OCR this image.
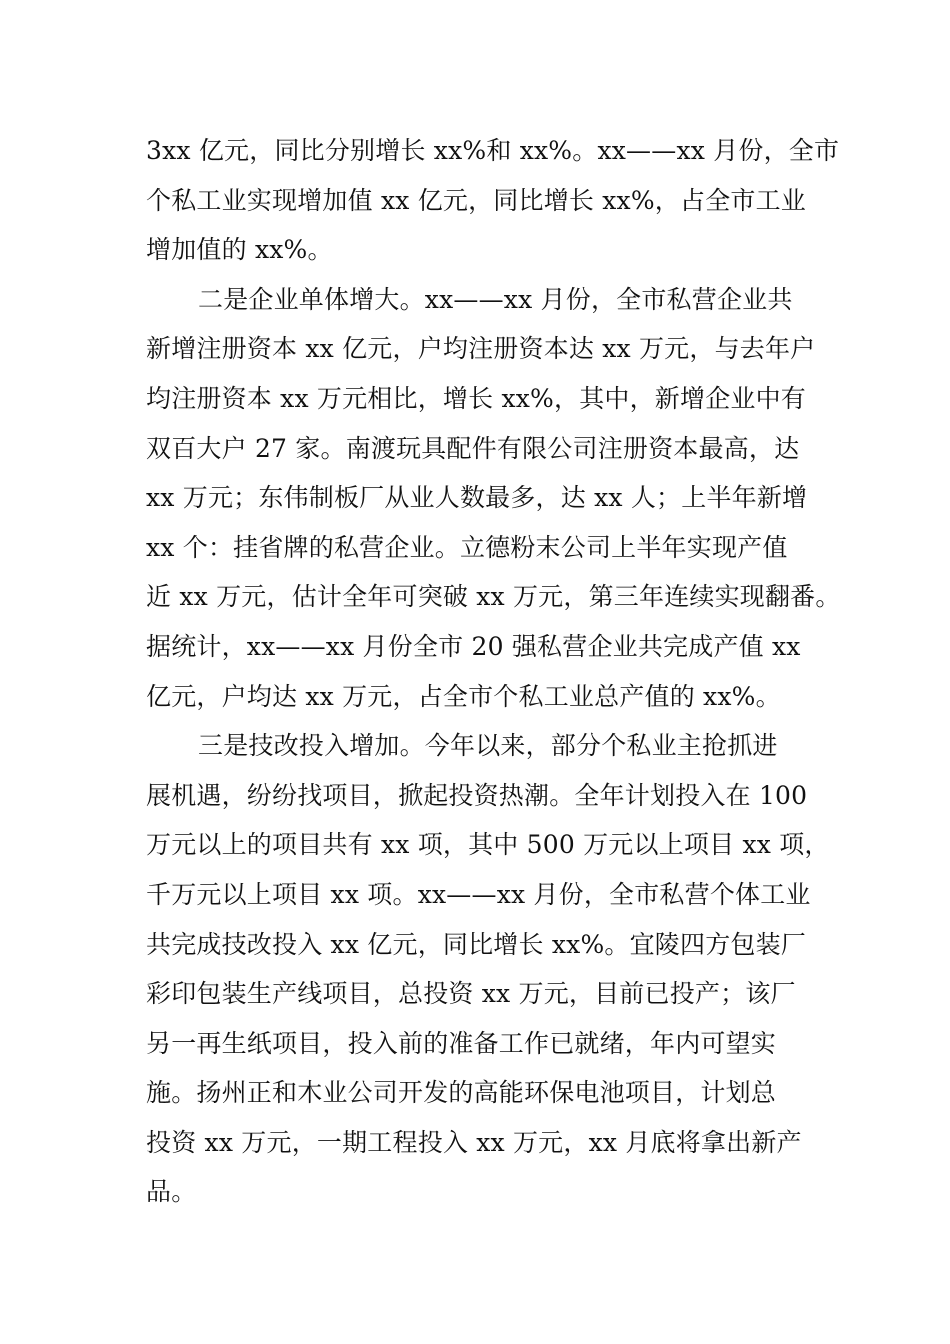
3xx 亿元，同比分别增长 xx%和 xx%。xx——xx 月份，全市
个私工业实现增加值 xx 亿元，同比增长 xx%，占全市工业
增加值的 xx%。
二是企业单体增大。xx——xx 月份，全市私营企业共
新增注册资本 xx 亿元，户均注册资本达 xx 万元，与去年户
均注册资本 xx 万元相比，增长 xx%，其中，新增企业中有
双百大户 27 家。南渡玩具配件有限公司注册资本最高，达
xx 万元；东伟制板厂从业人数最多，达 xx 人；上半年新增
xx 个：挂省牌的私营企业。立德粉末公司上半年实现产值
近 xx 万元，估计全年可突破 xx 万元，第三年连续实现翻番。
据统计，xx——xx 月份全市 20 强私营企业共完成产值 xx
亿元，户均达 xx 万元，占全市个私工业总产值的 xx%。
三是技改投入增加。今年以来，部分个私业主抢抓进
展机遇，纷纷找项目，掀起投资热潮。全年计划投入在 100
万元以上的项目共有 xx 项，其中 500 万元以上项目 xx 项，
千万元以上项目 xx 项。xx——xx 月份，全市私营个体工业
共完成技改投入 xx 亿元，同比增长 xx%。宜陵四方包装厂
彩印包装生产线项目，总投资 xx 万元，目前已投产；该厂
另一再生纸项目，投入前的准备工作已就绪，年内可望实
施。扬州正和木业公司开发的高能环保电池项目，计划总
投资 xx 万元，一期工程投入 xx 万元，xx 月底将拿出新产
品。
